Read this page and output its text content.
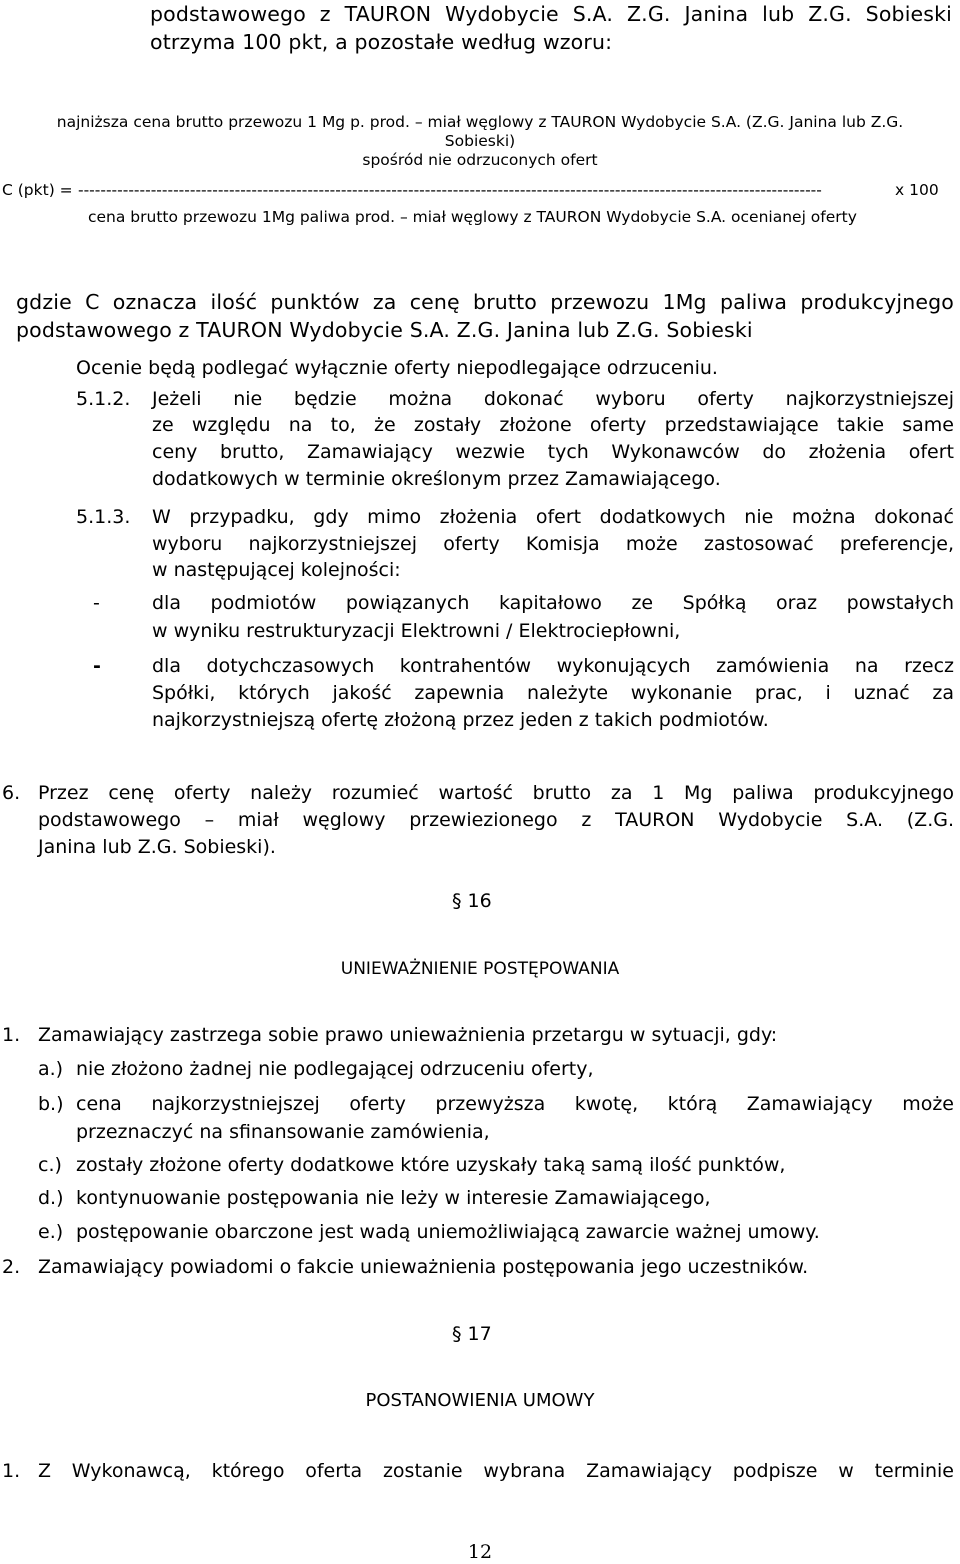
podstawowego z TAURON Wydobycie S.A. Z.G. Janina lub Z.G. Sobieski
otrzyma 100 pkt, a pozostałe według wzoru:
najniższa cena brutto przewozu 1 Mg p. prod. – miał węglowy z TAURON Wydobycie S.A. (Z.G. Janina lub Z.G.
Sobieski)
spośród nie odrzuconych ofert
C (pkt) = -------------------------------------------------------------------------------------------------------------------------------------	x 100
cena brutto przewozu 1Mg paliwa prod. – miał węglowy z TAURON Wydobycie S.A. ocenianej oferty
gdzie C oznacza ilość punktów za cenę brutto przewozu 1Mg paliwa produkcyjnego
podstawowego z TAURON Wydobycie S.A. Z.G. Janina lub Z.G. Sobieski
Ocenie będą podlegać wyłącznie oferty niepodlegające odrzuceniu.
5.1.2. Jeżeli nie będzie można dokonać wyboru oferty najkorzystniejszej
ze względu na to, że zostały złożone oferty przedstawiające takie same
ceny brutto, Zamawiający wezwie tych Wykonawców do złożenia ofert
dodatkowych w terminie określonym przez Zamawiającego.
5.1.3. W przypadku, gdy mimo złożenia ofert dodatkowych nie można dokonać
wyboru najkorzystniejszej oferty Komisja może zastosować preferencje,
w następującej kolejności:
-	dla podmiotów powiązanych kapitałowo ze Spółką oraz powstałych
w wyniku restrukturyzacji Elektrowni / Elektrociepłowni,
-	dla dotychczasowych kontrahentów wykonujących zamówienia na rzecz
Spółki, których jakość zapewnia należyte wykonanie prac, i uznać za
najkorzystniejszą ofertę złożoną przez jeden z takich podmiotów.
6. Przez cenę oferty należy rozumieć wartość brutto za 1 Mg paliwa produkcyjnego
podstawowego – miał węglowy przewiezionego z TAURON Wydobycie S.A. (Z.G.
Janina lub Z.G. Sobieski).
§ 16
UNIEWAŻNIENIE POSTĘPOWANIA
1. Zamawiający zastrzega sobie prawo unieważnienia przetargu w sytuacji, gdy:
a.) nie złożono żadnej nie podlegającej odrzuceniu oferty,
b.) cena najkorzystniejszej oferty przewyższa kwotę, którą Zamawiający może
przeznaczyć na sfinansowanie zamówienia,
c.) zostały złożone oferty dodatkowe które uzyskały taką samą ilość punktów,
d.) kontynuowanie postępowania nie leży w interesie Zamawiającego,
e.) postępowanie obarczone jest wadą uniemożliwiającą zawarcie ważnej umowy.
2. Zamawiający powiadomi o fakcie unieważnienia postępowania jego uczestników.
§ 17
POSTANOWIENIA UMOWY
1. Z Wykonawcą, którego oferta zostanie wybrana Zamawiający podpisze w terminie
12
